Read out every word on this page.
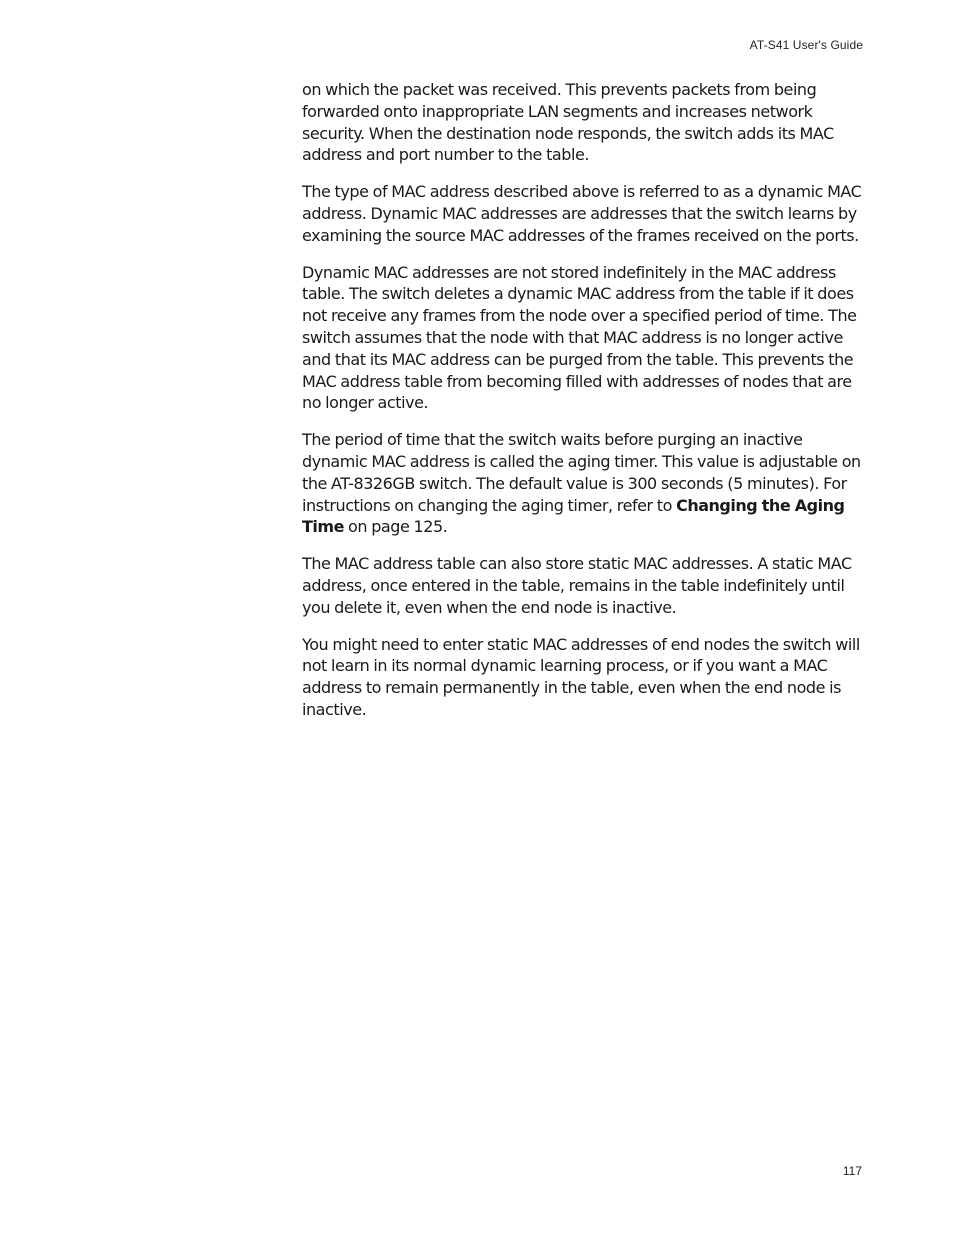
AT-S41 User's Guide

on which the packet was received. This prevents packets from being forwarded onto inappropriate LAN segments and increases network security. When the destination node responds, the switch adds its MAC address and port number to the table.

The type of MAC address described above is referred to as a dynamic MAC address. Dynamic MAC addresses are addresses that the switch learns by examining the source MAC addresses of the frames received on the ports.

Dynamic MAC addresses are not stored indefinitely in the MAC address table. The switch deletes a dynamic MAC address from the table if it does not receive any frames from the node over a specified period of time. The switch assumes that the node with that MAC address is no longer active and that its MAC address can be purged from the table. This prevents the MAC address table from becoming filled with addresses of nodes that are no longer active.

The period of time that the switch waits before purging an inactive dynamic MAC address is called the aging timer. This value is adjustable on the AT-8326GB switch. The default value is 300 seconds (5 minutes). For instructions on changing the aging timer, refer to Changing the Aging Time on page 125.

The MAC address table can also store static MAC addresses. A static MAC address, once entered in the table, remains in the table indefinitely until you delete it, even when the end node is inactive.

You might need to enter static MAC addresses of end nodes the switch will not learn in its normal dynamic learning process, or if you want a MAC address to remain permanently in the table, even when the end node is inactive.

117
